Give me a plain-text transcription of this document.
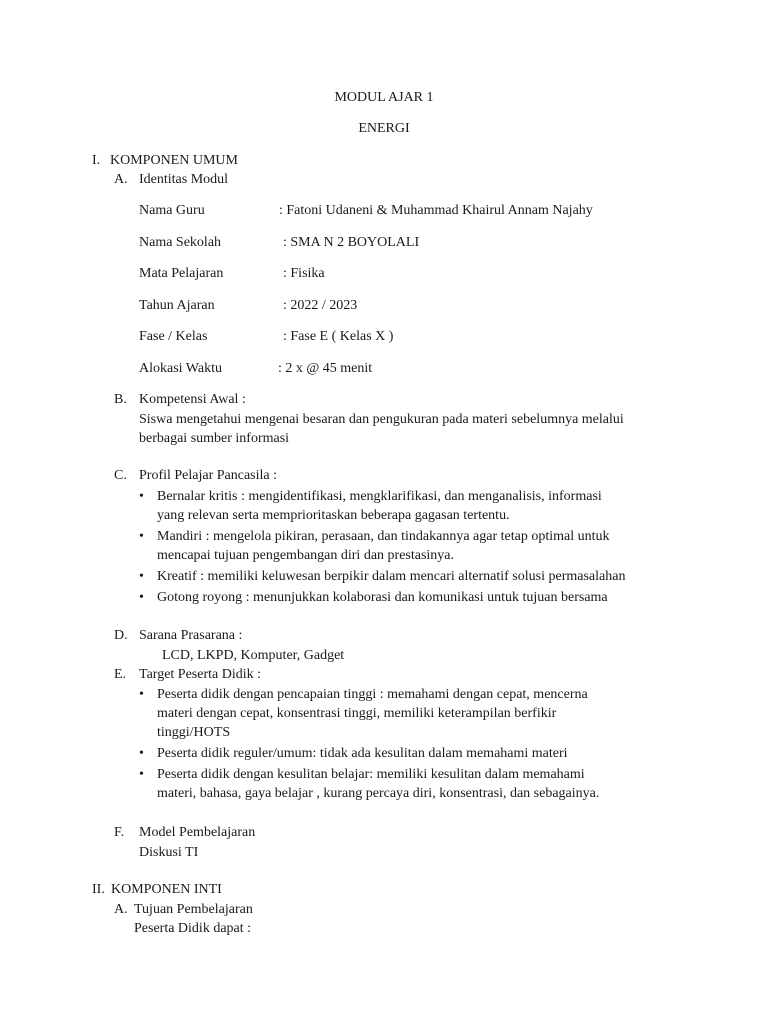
MODUL AJAR 1
ENERGI
I. KOMPONEN UMUM
A. Identitas Modul
Nama Guru	: Fatoni Udaneni & Muhammad Khairul Annam Najahy
Nama Sekolah	: SMA N 2 BOYOLALI
Mata Pelajaran	: Fisika
Tahun Ajaran	: 2022 / 2023
Fase / Kelas	: Fase E ( Kelas X )
Alokasi Waktu	: 2 x @ 45 menit
B. Kompetensi Awal :
Siswa mengetahui mengenai besaran dan pengukuran pada materi sebelumnya melalui
berbagai sumber informasi
C. Profil Pelajar Pancasila :
• Bernalar kritis : mengidentifikasi, mengklarifikasi, dan menganalisis, informasi
yang relevan serta memprioritaskan beberapa gagasan tertentu.
• Mandiri : mengelola pikiran, perasaan, dan tindakannya agar tetap optimal untuk
mencapai tujuan pengembangan diri dan prestasinya.
• Kreatif : memiliki keluwesan berpikir dalam mencari alternatif solusi permasalahan
• Gotong royong : menunjukkan kolaborasi dan komunikasi untuk tujuan bersama
D. Sarana Prasarana :
LCD, LKPD, Komputer, Gadget
E. Target Peserta Didik :
• Peserta didik dengan pencapaian tinggi : memahami dengan cepat, mencerna
materi dengan cepat, konsentrasi tinggi, memiliki keterampilan berfikir
tinggi/HOTS
• Peserta didik reguler/umum: tidak ada kesulitan dalam memahami materi
• Peserta didik dengan kesulitan belajar: memiliki kesulitan dalam memahami
materi, bahasa, gaya belajar , kurang percaya diri, konsentrasi, dan sebagainya.
F. Model Pembelajaran
Diskusi TI
II. KOMPONEN INTI
A. Tujuan Pembelajaran
Peserta Didik dapat :
